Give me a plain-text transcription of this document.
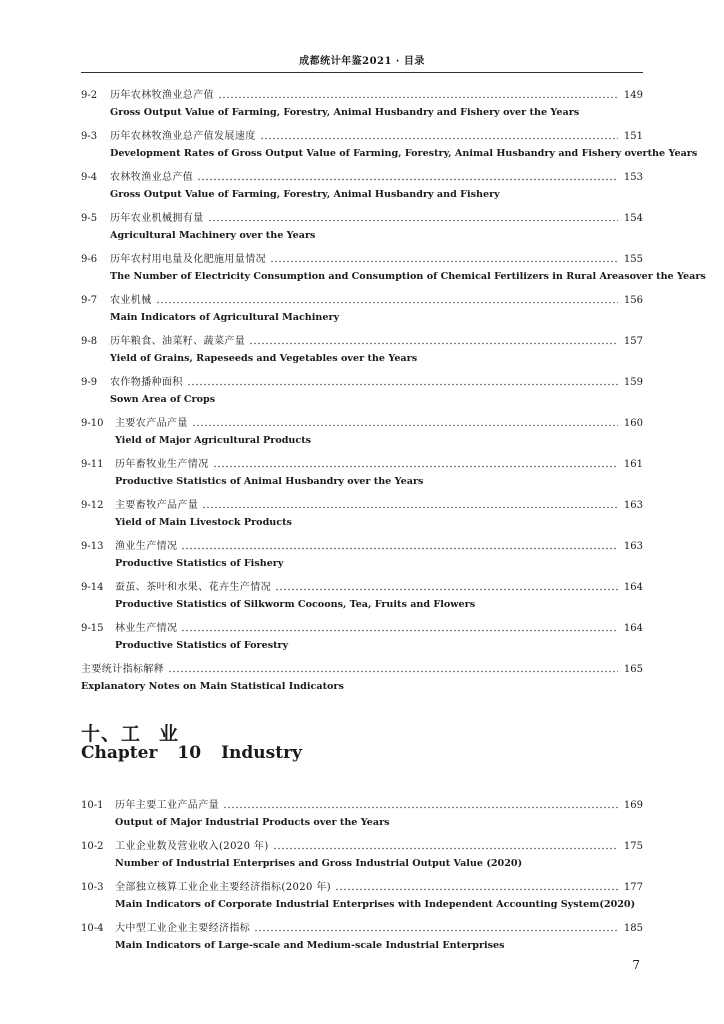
成都统计年鉴2021 · 目录
9-2	历年农林牧渔业总产值	149
Gross Output Value of Farming, Forestry, Animal Husbandry and Fishery over the Years
9-3	历年农林牧渔业总产值发展速度	151
Development Rates of Gross Output Value of Farming, Forestry, Animal Husbandry and Fishery overthe Years
9-4	农林牧渔业总产值	153
Gross Output Value of Farming, Forestry, Animal Husbandry and Fishery
9-5	历年农业机械拥有量	154
Agricultural Machinery over the Years
9-6	历年农村用电量及化肥施用量情况	155
The Number of Electricity Consumption and Consumption of Chemical Fertilizers in Rural Areasover the Years
9-7	农业机械	156
Main Indicators of Agricultural Machinery
9-8	历年粮食、油菜籽、蔬菜产量	157
Yield of Grains, Rapeseeds and Vegetables over the Years
9-9	农作物播种面积	159
Sown Area of Crops
9-10	主要农产品产量	160
Yield of Major Agricultural Products
9-11	历年畜牧业生产情况	161
Productive Statistics of Animal Husbandry over the Years
9-12	主要畜牧产品产量	163
Yield of Main Livestock Products
9-13	渔业生产情况	163
Productive Statistics of Fishery
9-14	蚕茧、茶叶和水果、花卉生产情况	164
Productive Statistics of Silkworm Cocoons, Tea, Fruits and Flowers
9-15	林业生产情况	164
Productive Statistics of Forestry
主要统计指标解释	165
Explanatory Notes on Main Statistical Indicators
十、工 业
Chapter 10 Industry
10-1	历年主要工业产品产量	169
Output of Major Industrial Products over the Years
10-2	工业企业数及营业收入(2020 年)	175
Number of Industrial Enterprises and Gross Industrial Output Value (2020)
10-3	全部独立核算工业企业主要经济指标(2020 年)	177
Main Indicators of Corporate Industrial Enterprises with Independent Accounting System(2020)
10-4	大中型工业企业主要经济指标	185
Main Indicators of Large-scale and Medium-scale Industrial Enterprises
7
